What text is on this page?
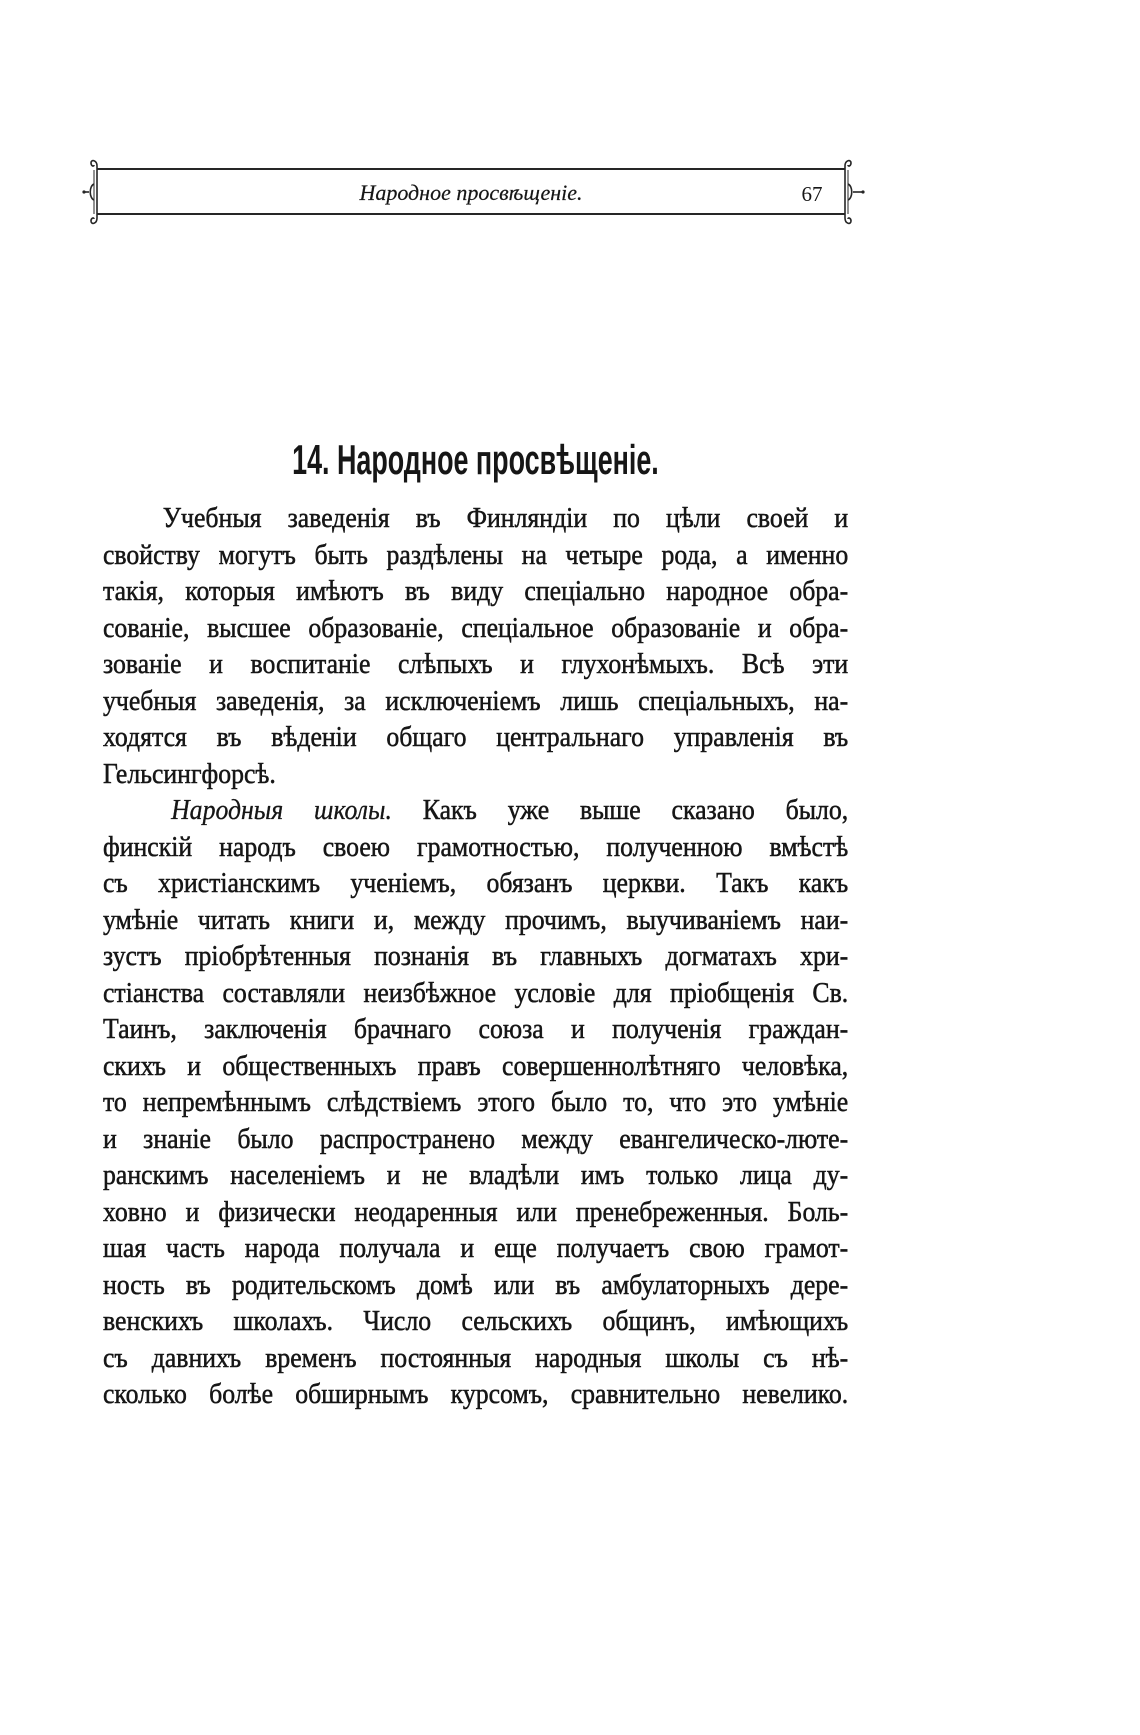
Народное просвѣщеніе.	67
14. Народное просвѣщеніе.
Учебныя заведенія въ Финляндіи по цѣли своей и
свойству могутъ быть раздѣлены на четыре рода, а именно
такія, которыя имѣютъ въ виду спеціально народное обра-
сованіе, высшее образованіе, спеціальное образованіе и обра-
зованіе и воспитаніе слѣпыхъ и глухонѣмыхъ. Всѣ эти
учебныя заведенія, за исключеніемъ лишь спеціальныхъ, на-
ходятся въ вѣденіи общаго центральнаго управленія въ
Гельсингфорсѣ.
Народныя школы. Какъ уже выше сказано было,
финскій народъ своею грамотностью, полученною вмѣстѣ
съ христіанскимъ ученіемъ, обязанъ церкви. Такъ какъ
умѣніе читать книги и, между прочимъ, выучиваніемъ наи-
зустъ пріобрѣтенныя познанія въ главныхъ догматахъ хри-
стіанства составляли неизбѣжное условіе для пріобщенія Св.
Таинъ, заключенія брачнаго союза и полученія граждан-
скихъ и общественныхъ правъ совершеннолѣтняго человѣка,
то непремѣннымъ слѣдствіемъ этого было то, что это умѣніе
и знаніе было распространено между евангелическо-люте-
ранскимъ населеніемъ и не владѣли имъ только лица ду-
ховно и физически неодаренныя или пренебреженныя. Боль-
шая часть народа получала и еще получаетъ свою грамот-
ность въ родительскомъ домѣ или въ амбулаторныхъ дере-
венскихъ школахъ. Число сельскихъ общинъ, имѣющихъ
съ давнихъ временъ постоянныя народныя школы съ нѣ-
сколько болѣе обширнымъ курсомъ, сравнительно невелико.
